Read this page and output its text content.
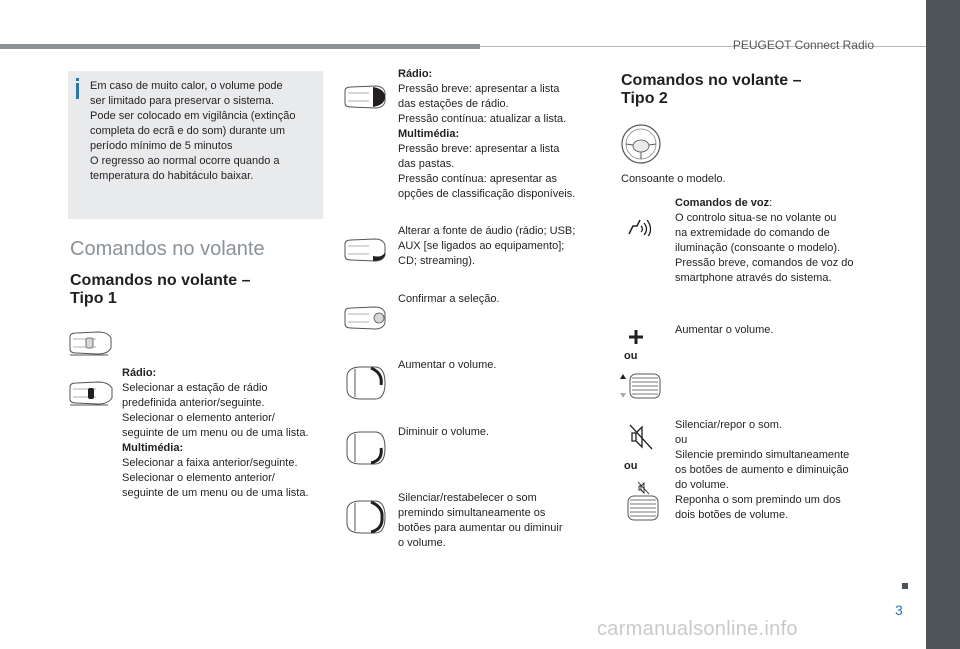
PEUGEOT Connect Radio
3
carmanualsonline.info

Em caso de muito calor, o volume pode

ser limitado para preservar o sistema.

Pode ser colocado em vigilância (extinção

completa do ecrã e do som) durante um

período mínimo de 5 minutos

O regresso ao normal ocorre quando a

temperatura do habitáculo baixar.

Comandos no volante
Comandos no volante –
Tipo 1
Rádio:
Selecionar a estação de rádio
predefinida anterior/seguinte.
Selecionar o elemento anterior/
seguinte de um menu ou de uma lista.
Multimédia:
Selecionar a faixa anterior/seguinte.
Selecionar o elemento anterior/
seguinte de um menu ou de uma lista.
Rádio:
Pressão breve: apresentar a lista
das estações de rádio.
Pressão contínua: atualizar a lista.
Multimédia:
Pressão breve: apresentar a lista
das pastas.
Pressão contínua: apresentar as
opções de classificação disponíveis.
Alterar a fonte de áudio (rádio; USB;
AUX [se ligados ao equipamento];
CD; streaming).
Confirmar a seleção.
Aumentar o volume.
Diminuir o volume.
Silenciar/restabelecer o som
premindo simultaneamente os
botões para aumentar ou diminuir
o volume.
Comandos no volante –
Tipo 2
Consoante o modelo.
Comandos de voz:
O controlo situa-se no volante ou
na extremidade do comando de
iluminação (consoante o modelo).
Pressão breve, comandos de voz do
smartphone através do sistema.
ou
Aumentar o volume.
ou
Silenciar/repor o som.
ou
Silencie premindo simultaneamente
os botões de aumento e diminuição
do volume.
Reponha o som premindo um dos
dois botões de volume.
